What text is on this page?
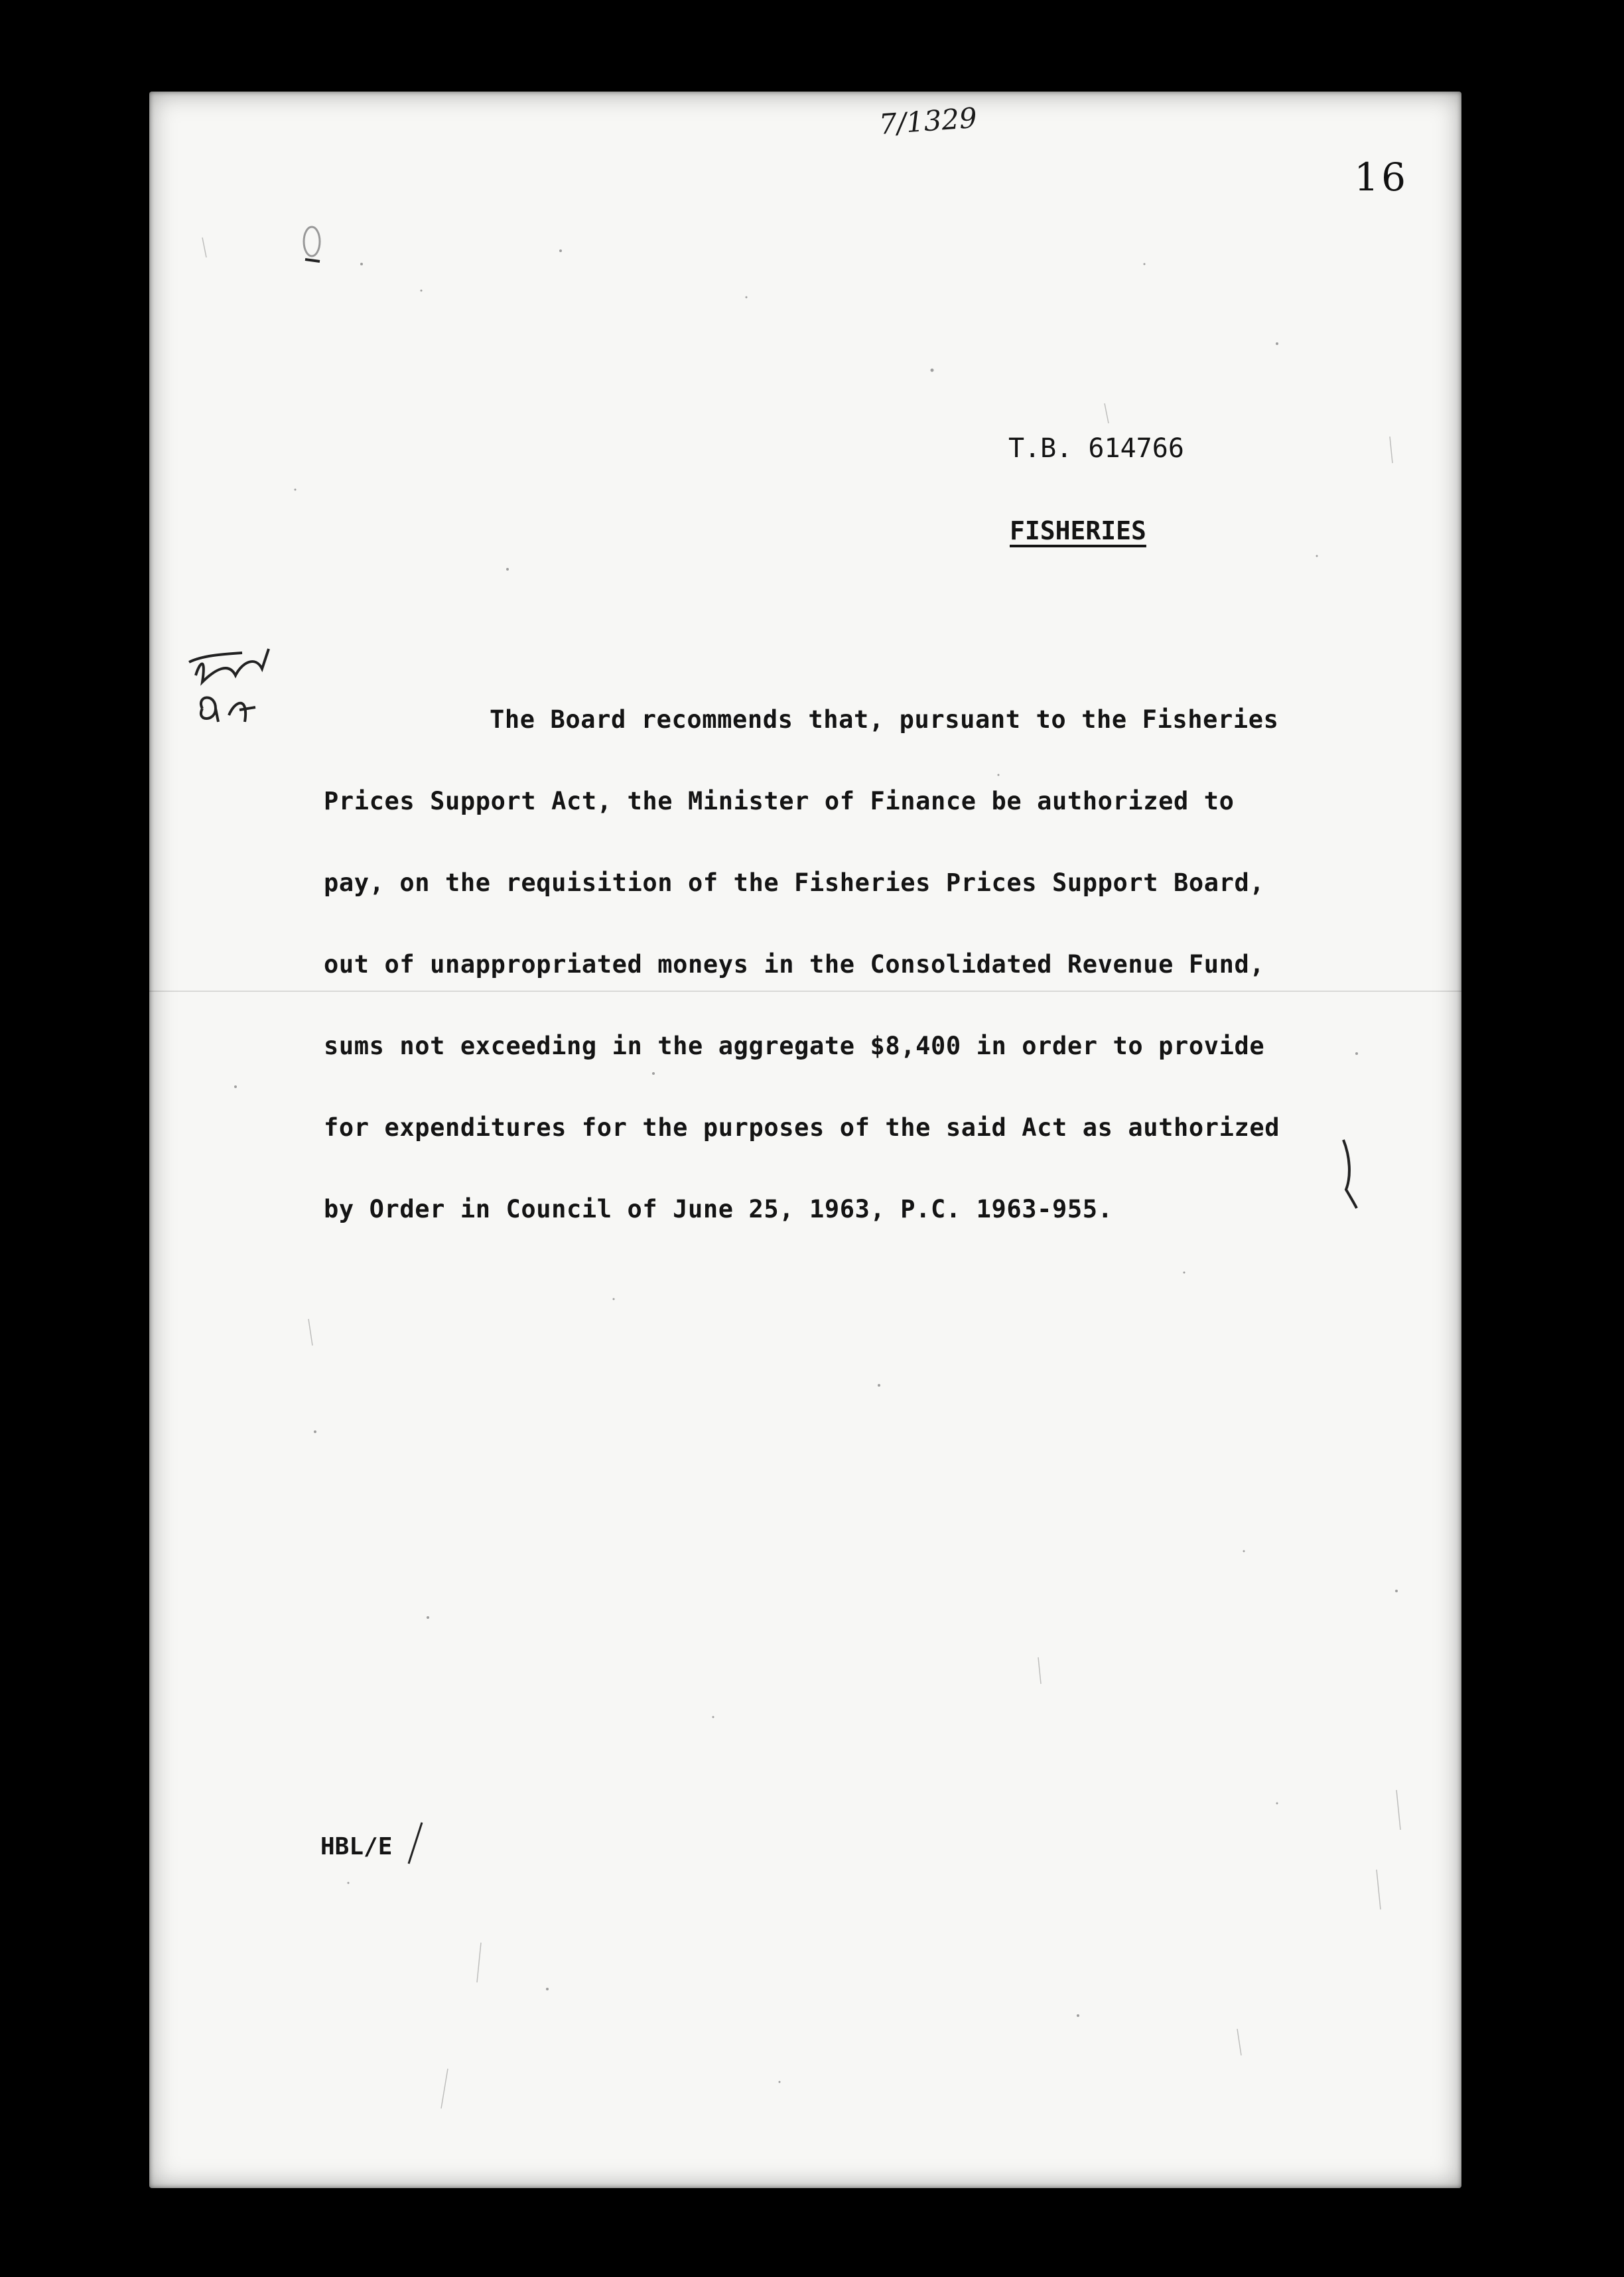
7/1329
16
T.B. 614766
FISHERIES
The Board recommends that, pursuant to the Fisheries
Prices Support Act, the Minister of Finance be authorized to
pay, on the requisition of the Fisheries Prices Support Board,
out of unappropriated moneys in the Consolidated Revenue Fund,
sums not exceeding in the aggregate $8,400 in order to provide
for expenditures for the purposes of the said Act as authorized
by Order in Council of June 25, 1963, P.C. 1963-955.
HBL/E
